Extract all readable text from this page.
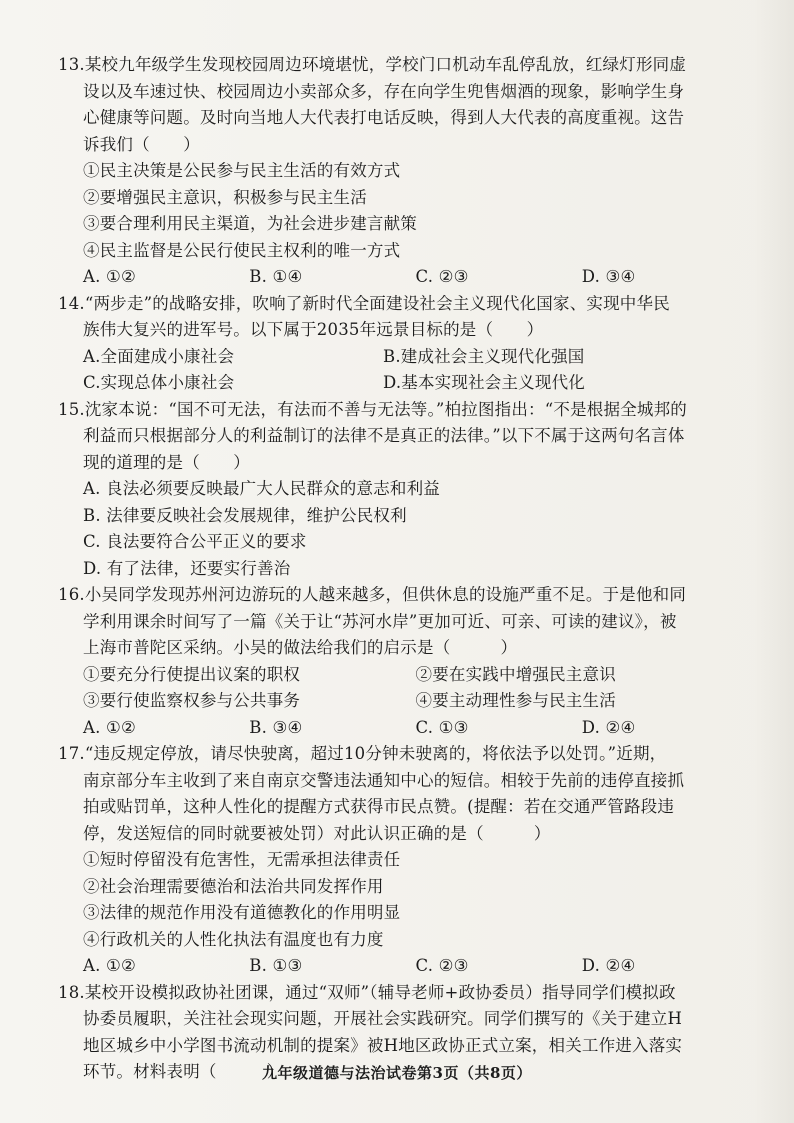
13.某校九年级学生发现校园周边环境堪忧，学校门口机动车乱停乱放，红绿灯形同虚
设以及车速过快、校园周边小卖部众多，存在向学生兜售烟酒的现象，影响学生身
心健康等问题。及时向当地人大代表打电话反映，得到人大代表的高度重视。这告
诉我们（　　）
①民主决策是公民参与民主生活的有效方式
②要增强民主意识，积极参与民主生活
③要合理利用民主渠道，为社会进步建言献策
④民主监督是公民行使民主权利的唯一方式
A. ①②	B. ①④	C. ②③	D. ③④
14.“两步走”的战略安排，吹响了新时代全面建设社会主义现代化国家、实现中华民
族伟大复兴的进军号。以下属于2035年远景目标的是（　　）
A.全面建成小康社会	B.建成社会主义现代化强国
C.实现总体小康社会	D.基本实现社会主义现代化
15.沈家本说：“国不可无法，有法而不善与无法等。”柏拉图指出：“不是根据全城邦的
利益而只根据部分人的利益制订的法律不是真正的法律。”以下不属于这两句名言体
现的道理的是（　　）
A. 良法必须要反映最广大人民群众的意志和利益
B. 法律要反映社会发展规律，维护公民权利
C. 良法要符合公平正义的要求
D. 有了法律，还要实行善治
16.小吴同学发现苏州河边游玩的人越来越多，但供休息的设施严重不足。于是他和同
学利用课余时间写了一篇《关于让“苏河水岸”更加可近、可亲、可读的建议》，被
上海市普陀区采纳。小吴的做法给我们的启示是（　　　）
①要充分行使提出议案的职权	②要在实践中增强民主意识
③要行使监察权参与公共事务	④要主动理性参与民主生活
A. ①②	B. ③④	C. ①③	D. ②④
17.“违反规定停放，请尽快驶离，超过10分钟未驶离的，将依法予以处罚。”近期，
南京部分车主收到了来自南京交警违法通知中心的短信。相较于先前的违停直接抓
拍或贴罚单，这种人性化的提醒方式获得市民点赞。(提醒：若在交通严管路段违
停，发送短信的同时就要被处罚）对此认识正确的是（　　　）
①短时停留没有危害性，无需承担法律责任
②社会治理需要德治和法治共同发挥作用
③法律的规范作用没有道德教化的作用明显
④行政机关的人性化执法有温度也有力度
A. ①②	B. ①③	C. ②③	D. ②④
18.某校开设模拟政协社团课，通过“双师”（辅导老师+政协委员）指导同学们模拟政
协委员履职，关注社会现实问题，开展社会实践研究。同学们撰写的《关于建立H
地区城乡中小学图书流动机制的提案》被H地区政协正式立案，相关工作进入落实
环节。材料表明（　　　）
九年级道德与法治试卷第3页（共8页）
